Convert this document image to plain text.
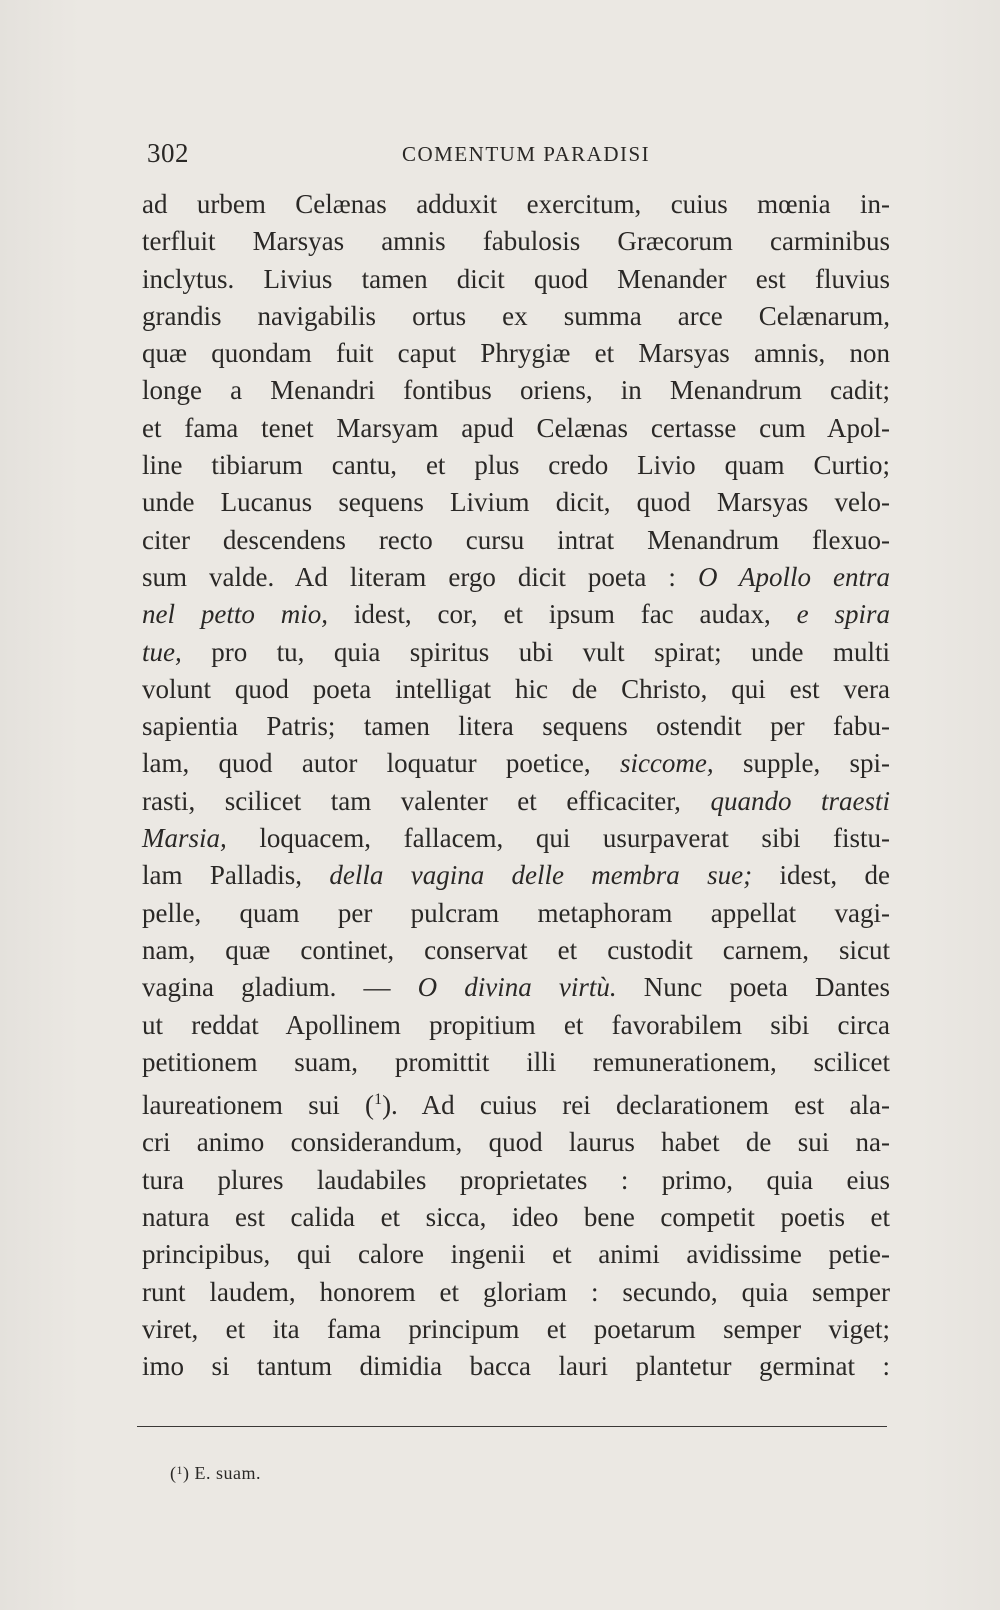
302	COMENTUM PARADISI
ad urbem Celænas adduxit exercitum, cuius mœnia in-
terfluit Marsyas amnis fabulosis Græcorum carminibus
inclytus. Livius tamen dicit quod Menander est fluvius
grandis navigabilis ortus ex summa arce Celænarum,
quæ quondam fuit caput Phrygiæ et Marsyas amnis, non
longe a Menandri fontibus oriens, in Menandrum cadit;
et fama tenet Marsyam apud Celænas certasse cum Apol-
line tibiarum cantu, et plus credo Livio quam Curtio;
unde Lucanus sequens Livium dicit, quod Marsyas velo-
citer descendens recto cursu intrat Menandrum flexuo-
sum valde. Ad literam ergo dicit poeta : O Apollo entra
nel petto mio, idest, cor, et ipsum fac audax, e spira
tue, pro tu, quia spiritus ubi vult spirat; unde multi
volunt quod poeta intelligat hic de Christo, qui est vera
sapientia Patris; tamen litera sequens ostendit per fabu-
lam, quod autor loquatur poetice, siccome, supple, spi-
rasti, scilicet tam valenter et efficaciter, quando traesti
Marsia, loquacem, fallacem, qui usurpaverat sibi fistu-
lam Palladis, della vagina delle membra sue; idest, de
pelle, quam per pulcram metaphoram appellat vagi-
nam, quæ continet, conservat et custodit carnem, sicut
vagina gladium. — O divina virtù. Nunc poeta Dantes
ut reddat Apollinem propitium et favorabilem sibi circa
petitionem suam, promittit illi remunerationem, scilicet
laureationem sui ($^1$). Ad cuius rei declarationem est ala-
cri animo considerandum, quod laurus habet de sui na-
tura plures laudabiles proprietates : primo, quia eius
natura est calida et sicca, ideo bene competit poetis et
principibus, qui calore ingenii et animi avidissime petie-
runt laudem, honorem et gloriam : secundo, quia semper
viret, et ita fama principum et poetarum semper viget;
imo si tantum dimidia bacca lauri plantetur germinat :
($^1$) E. suam.
